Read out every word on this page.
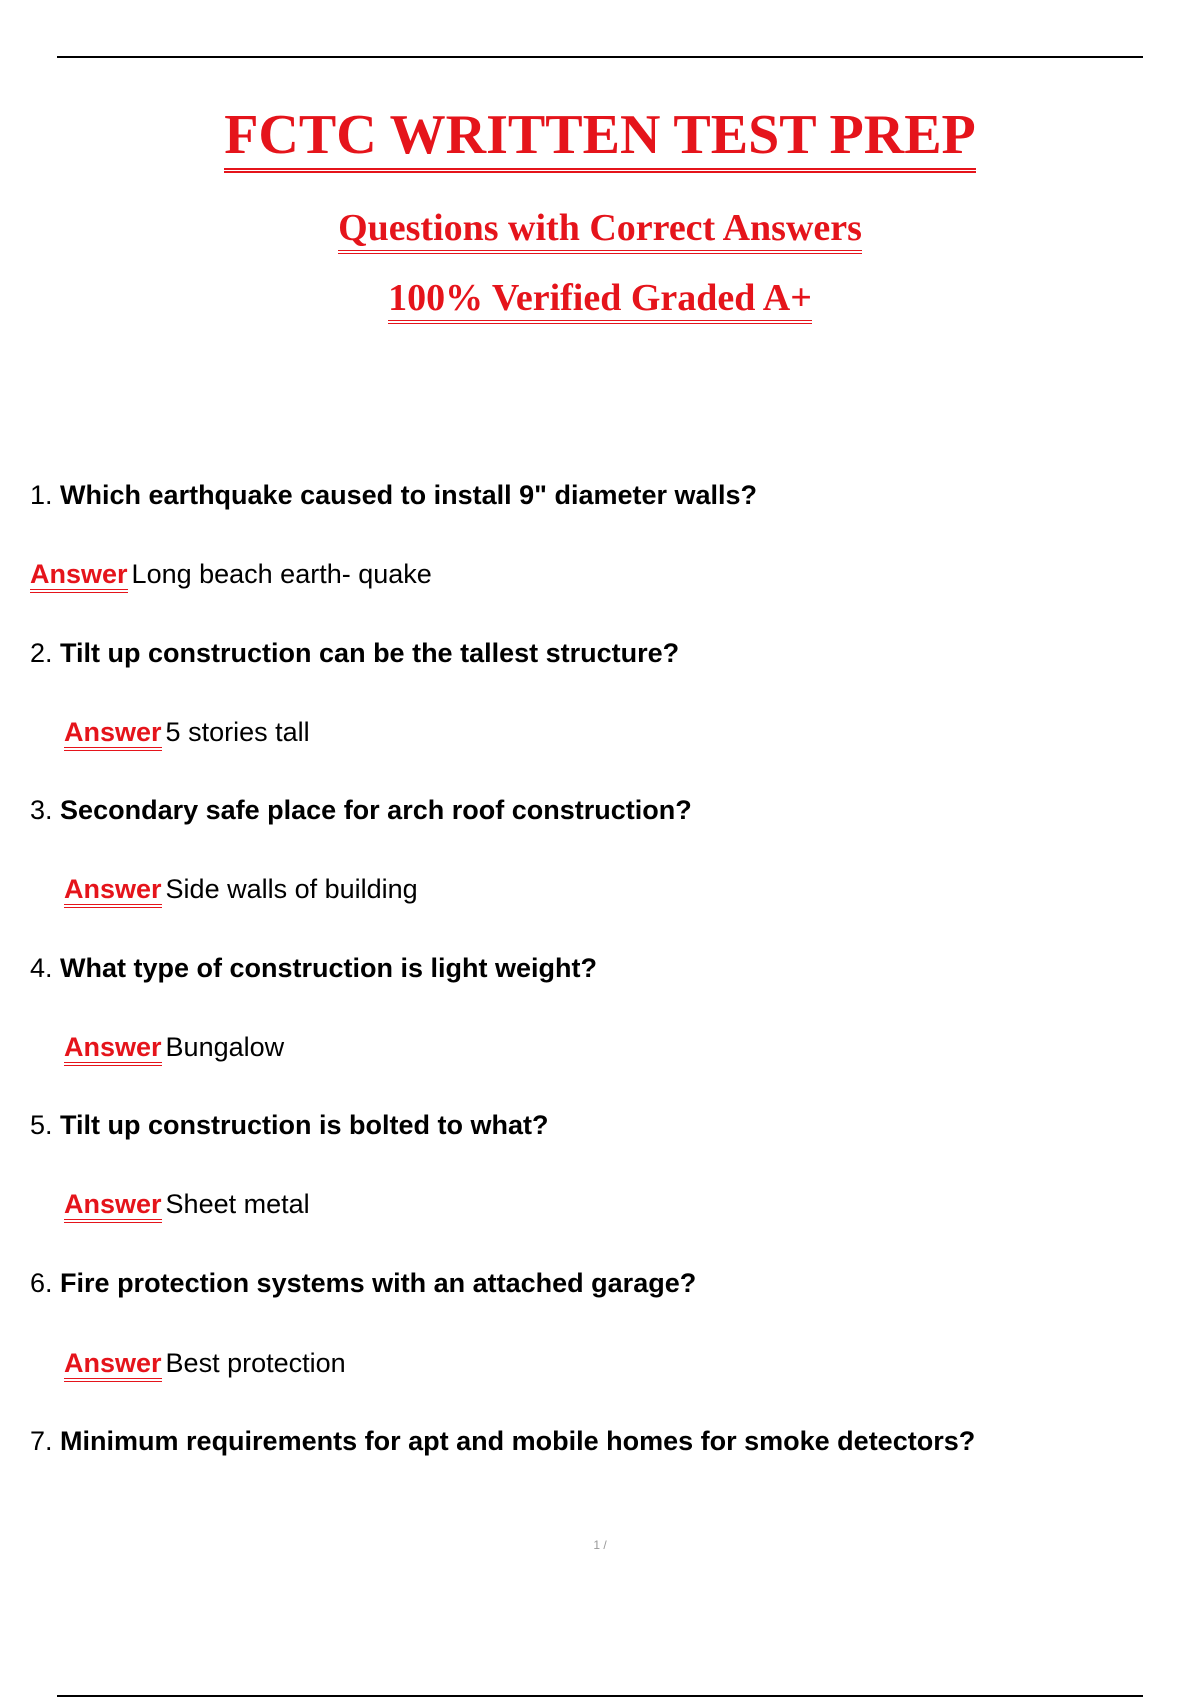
FCTC WRITTEN TEST PREP
Questions with Correct Answers
100% Verified Graded A+

1. Which earthquake caused to install 9" diameter walls?

Answer Long beach earth- quake

2. Tilt up construction can be the tallest structure?

Answer 5 stories tall

3. Secondary safe place for arch roof construction?

Answer Side walls of building

4. What type of construction is light weight?

Answer Bungalow

5. Tilt up construction is bolted to what?

Answer Sheet metal

6. Fire protection systems with an attached garage?

Answer Best protection

7. Minimum requirements for apt and mobile homes for smoke detectors?

1 /
